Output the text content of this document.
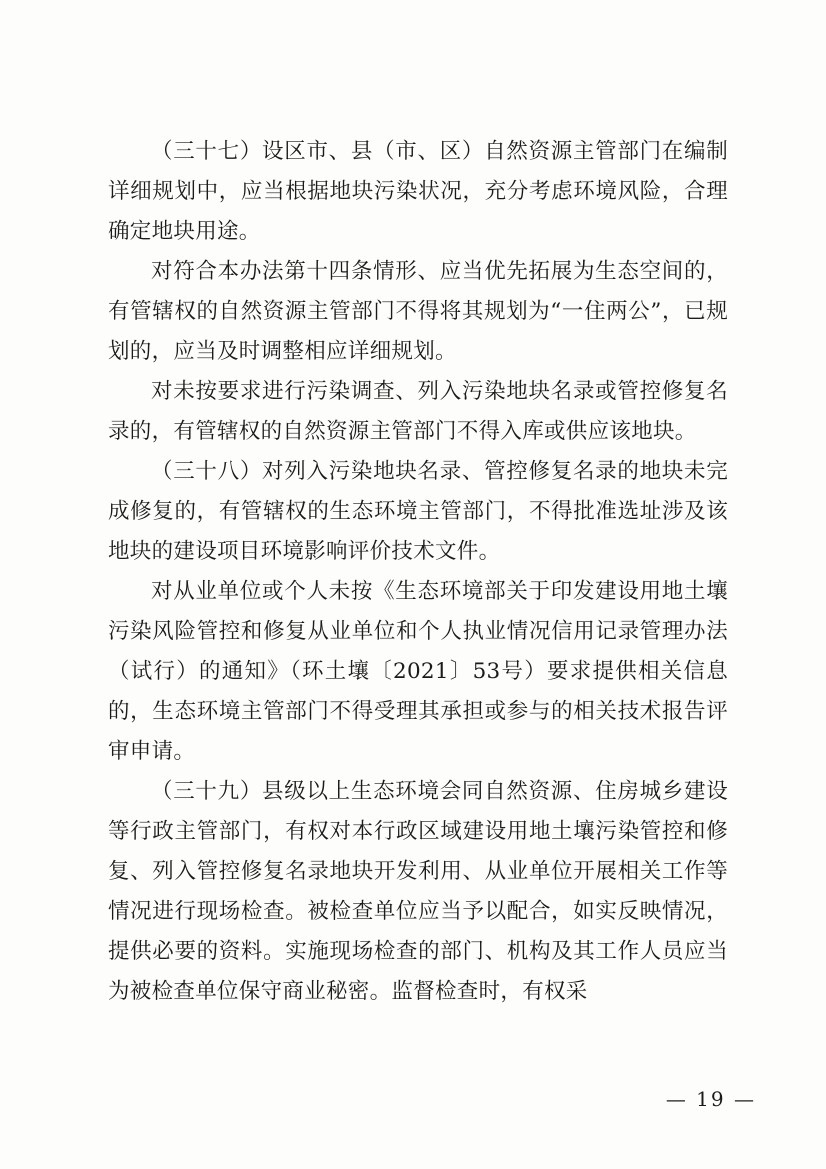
（三十七）设区市、县（市、区）自然资源主管部门在编制详细规划中，应当根据地块污染状况，充分考虑环境风险，合理确定地块用途。

对符合本办法第十四条情形、应当优先拓展为生态空间的，有管辖权的自然资源主管部门不得将其规划为“一住两公”，已规划的，应当及时调整相应详细规划。

对未按要求进行污染调查、列入污染地块名录或管控修复名录的，有管辖权的自然资源主管部门不得入库或供应该地块。

（三十八）对列入污染地块名录、管控修复名录的地块未完成修复的，有管辖权的生态环境主管部门，不得批准选址涉及该地块的建设项目环境影响评价技术文件。

对从业单位或个人未按《生态环境部关于印发建设用地土壤污染风险管控和修复从业单位和个人执业情况信用记录管理办法（试行）的通知》（环土壤〔2021〕53号）要求提供相关信息的，生态环境主管部门不得受理其承担或参与的相关技术报告评审申请。

（三十九）县级以上生态环境会同自然资源、住房城乡建设等行政主管部门，有权对本行政区域建设用地土壤污染管控和修复、列入管控修复名录地块开发利用、从业单位开展相关工作等情况进行现场检查。被检查单位应当予以配合，如实反映情况，提供必要的资料。实施现场检查的部门、机构及其工作人员应当为被检查单位保守商业秘密。监督检查时，有权采

— 19 —
